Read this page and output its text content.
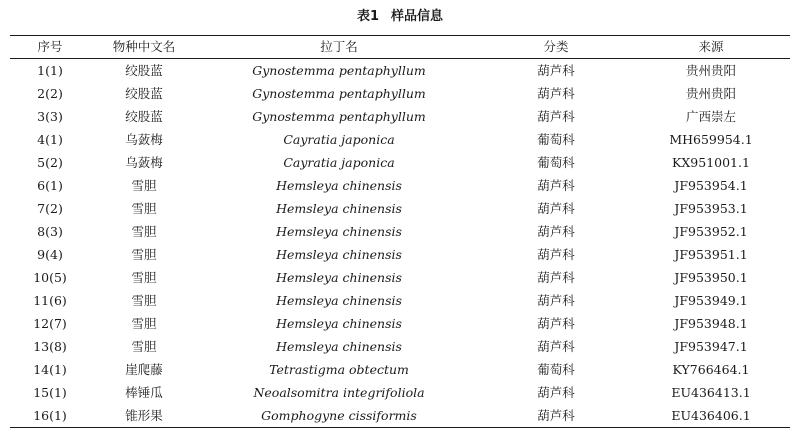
表1 样品信息
序号	物种中文名	拉丁名	分类	来源
1(1)	绞股蓝	Gynostemma pentaphyllum	葫芦科	贵州贵阳
2(2)	绞股蓝	Gynostemma pentaphyllum	葫芦科	贵州贵阳
3(3)	绞股蓝	Gynostemma pentaphyllum	葫芦科	广西崇左
4(1)	乌蔹梅	Cayratia japonica	葡萄科	MH659954.1
5(2)	乌蔹梅	Cayratia japonica	葡萄科	KX951001.1
6(1)	雪胆	Hemsleya chinensis	葫芦科	JF953954.1
7(2)	雪胆	Hemsleya chinensis	葫芦科	JF953953.1
8(3)	雪胆	Hemsleya chinensis	葫芦科	JF953952.1
9(4)	雪胆	Hemsleya chinensis	葫芦科	JF953951.1
10(5)	雪胆	Hemsleya chinensis	葫芦科	JF953950.1
11(6)	雪胆	Hemsleya chinensis	葫芦科	JF953949.1
12(7)	雪胆	Hemsleya chinensis	葫芦科	JF953948.1
13(8)	雪胆	Hemsleya chinensis	葫芦科	JF953947.1
14(1)	崖爬藤	Tetrastigma obtectum	葡萄科	KY766464.1
15(1)	棒锤瓜	Neoalsomitra integrifoliola	葫芦科	EU436413.1
16(1)	锥形果	Gomphogyne cissiformis	葫芦科	EU436406.1
